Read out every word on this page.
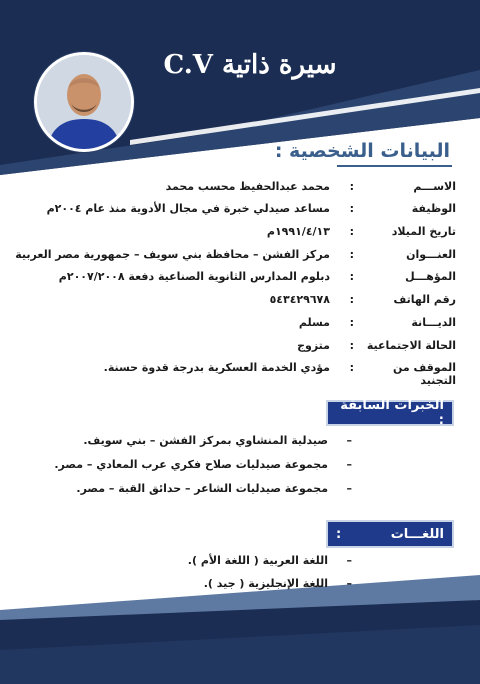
سيرة ذاتية C.V
البيانات الشخصية :
الاســـم
:
محمد عبدالحفيظ محسب محمد
الوظيفة
:
مساعد صيدلي خبرة في مجال الأدوية منذ عام ٢٠٠٤م
تاريخ الميلاد
:
١٩٩١/٤/١٣م
العنـــوان
:
مركز الفشن – محافظة بني سويف – جمهورية مصر العربية
المؤهـــل
:
دبلوم المدارس الثانوية الصناعية دفعة ٢٠٠٧/٢٠٠٨م
رقم الهاتف
:
٥٤٣٤٢٩٦٧٨
الديـــانة
:
مسلم
الحالة الاجتماعية
:
متزوج
الموقف من التجنيد
:
مؤدي الخدمة العسكرية بدرجة قدوة حسنة.
الخبرات السابقة :
–صيدلية المنشاوي بمركز الفشن – بني سويف.
–مجموعة صيدليات صلاح فكري عرب المعادي – مصر.
–مجموعة صيدليات الشاعر – حدائق القبة – مصر.
اللغـــات
:
–اللغة العربية ( اللغة الأم ).
–اللغة الإنجليزية ( جيد ).
